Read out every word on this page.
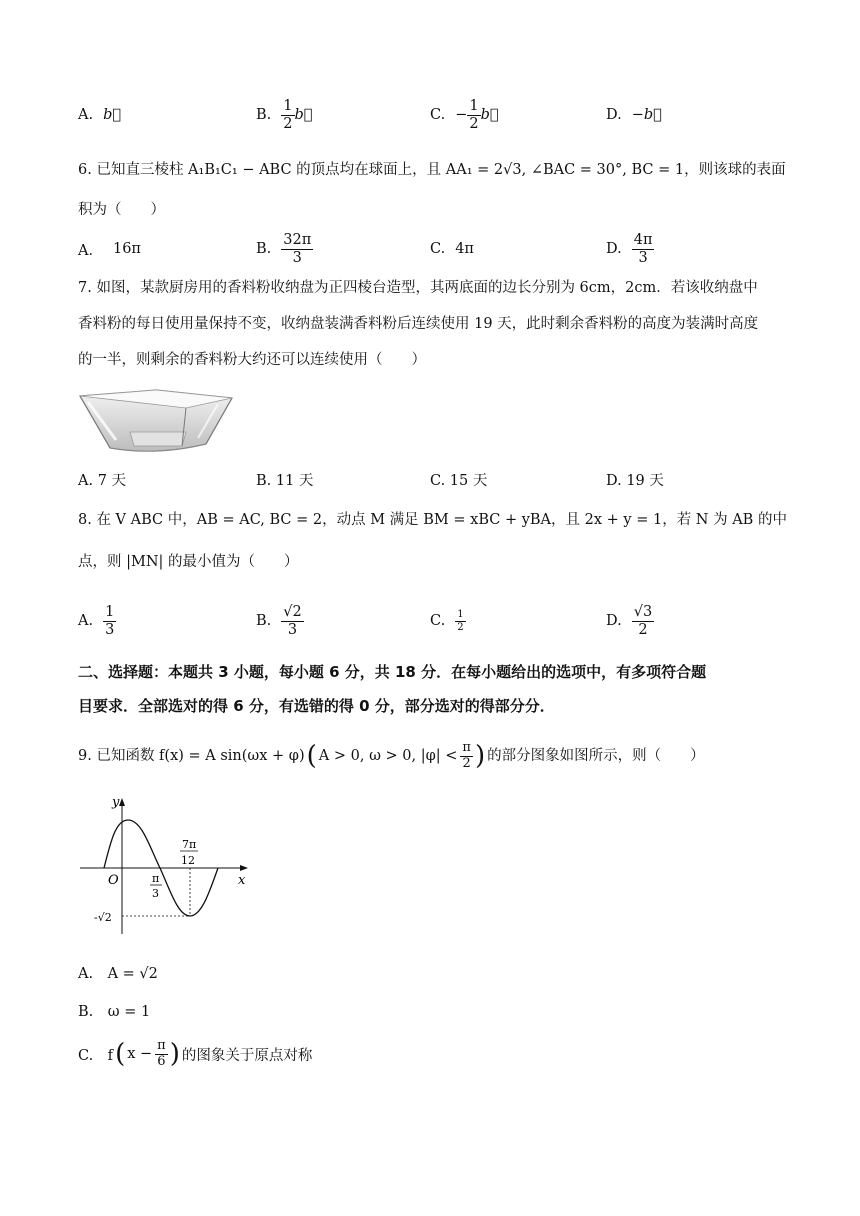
A. b⃗	B. $\frac{1}{2}$ b⃗	C. − $\frac{1}{2}$ b⃗	D. −b⃗
6. 已知直三棱柱 A₁B₁C₁ − ABC 的顶点均在球面上，且 AA₁ = 2√3, ∠BAC = 30°, BC = 1，则该球的表面
积为（　　）
A． 16π	B. $\frac{32\pi}{3}$	C. 4π	D. $\frac{4\pi}{3}$
7. 如图，某款厨房用的香料粉收纳盘为正四棱台造型，其两底面的边长分别为 6cm，2cm．若该收纳盘中
香料粉的每日使用量保持不变，收纳盘装满香料粉后连续使用 19 天，此时剩余香料粉的高度为装满时高度
的一半，则剩余的香料粉大约还可以连续使用（　　）
A. 7 天	B. 11 天	C. 15 天	D. 19 天
8. 在 V ABC 中，AB = AC, BC = 2，动点 M 满足 BM = xBC + yBA，且 2x + y = 1，若 N 为 AB 的中
点，则 |MN| 的最小值为（　　）
A. $\frac{1}{3}$	B. $\frac{√2}{3}$	C. $\frac{1}{2}$	D. $\frac{√3}{2}$
二、选择题：本题共 3 小题，每小题 6 分，共 18 分．在每小题给出的选项中，有多项符合题
目要求．全部选对的得 6 分，有选错的得 0 分，部分选对的得部分分．
9. 已知函数 f(x) = A sin(ωx + φ) ( A > 0, ω > 0, $|\varphi| < \frac{\pi}{2}$ ) 的部分图象如图所示，则（　　）
y
x
O	π
3
7π
12
-√2
A.　A = √2
B.　ω = 1
C.　f ( $x - \frac{\pi}{6}$ ) 的图象关于原点对称
